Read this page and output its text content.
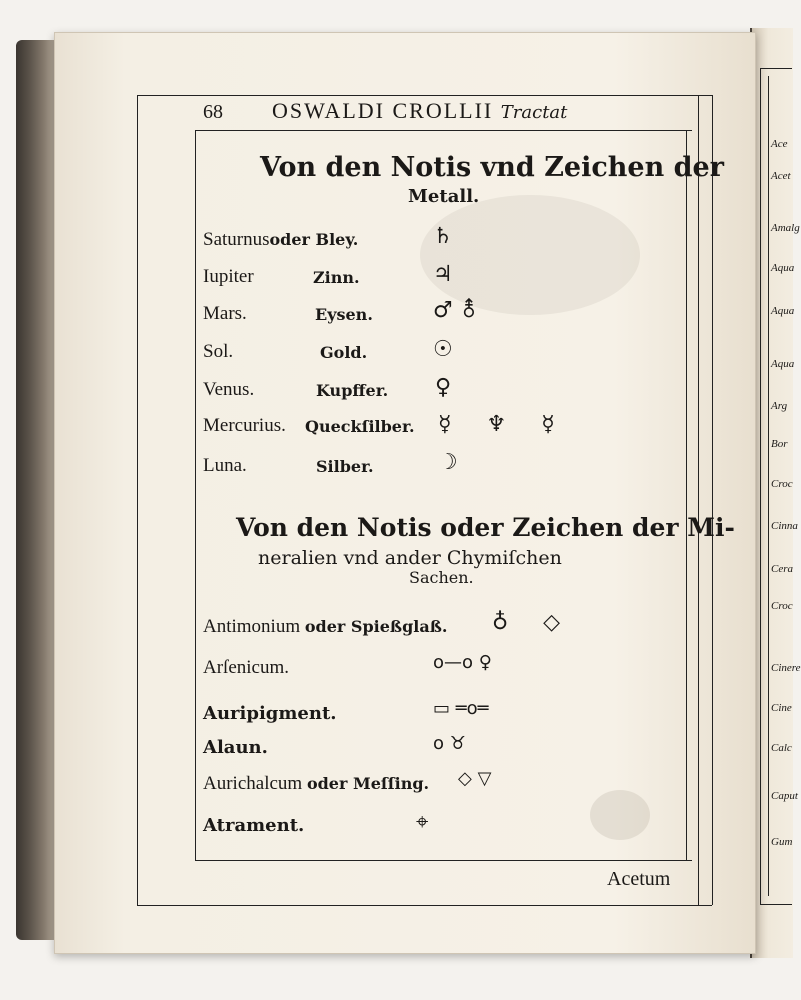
Ace
Acet
Amalg
Aqua
Aqua
Aqua
Arg
Bor
Croc
Cinna
Cera
Croc
Cinere
Cine
Calc
Caput
Gum
68 OSWALDI CROLLII Tractat
Von den Notis vnd Zeichen der
Metall.
Saturnusoder Bley.	♄
Iupiter	Zinn.	♃
Mars.	Eysen.	♂ ⚨
Sol.	Gold.	☉
Venus.	Kupffer. ♀
Mercurius. Queckſilber. ☿ ♆ ☿
Luna.	Silber.	☽
Von den Notis oder Zeichen der Mi-
neralien vnd ander Chymiſchen
Sachen.
Antimonium oder Spießglaß. ♁ ◇
Arſenicum.	o—o ♀
Auripigment.	▭ ═o═
Alaun.	o ♉
Aurichalcum oder Meſſing. ◇ ▽
Atrament.	⌖
Acetum
